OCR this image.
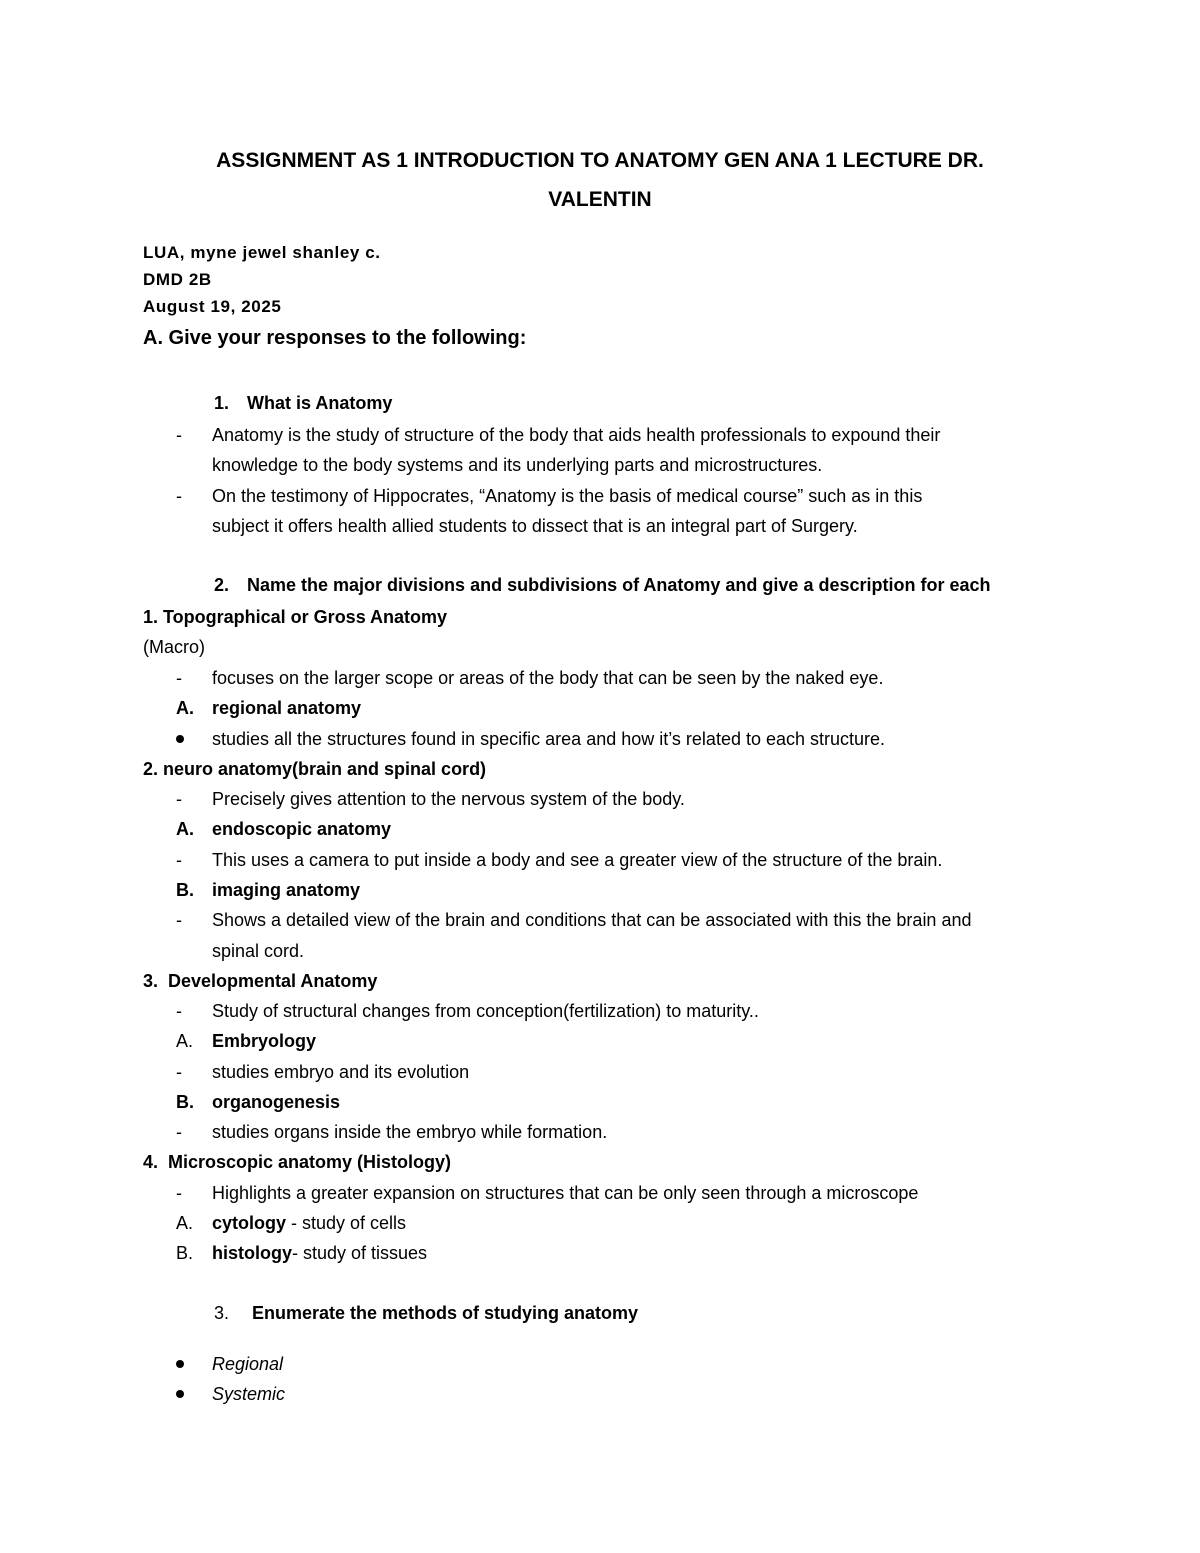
ASSIGNMENT AS 1 INTRODUCTION TO ANATOMY GEN ANA 1 LECTURE DR.
VALENTIN
LUA, myne jewel shanley c.
DMD 2B
August 19, 2025
A. Give your responses to the following:
1. What is Anatomy
- Anatomy is the study of structure of the body that aids health professionals to expound their
knowledge to the body systems and its underlying parts and microstructures.
- On the testimony of Hippocrates, “Anatomy is the basis of medical course” such as in this
subject it offers health allied students to dissect that is an integral part of Surgery.
2. Name the major divisions and subdivisions of Anatomy and give a description for each
1. Topographical or Gross Anatomy
(Macro)
- focuses on the larger scope or areas of the body that can be seen by the naked eye.
A. regional anatomy
studies all the structures found in specific area and how it’s related to each structure.
2. neuro anatomy(brain and spinal cord)
- Precisely gives attention to the nervous system of the body.
A. endoscopic anatomy
- This uses a camera to put inside a body and see a greater view of the structure of the brain.
B. imaging anatomy
- Shows a detailed view of the brain and conditions that can be associated with this the brain and
spinal cord.
3. Developmental Anatomy
- Study of structural changes from conception(fertilization) to maturity..
A. Embryology
- studies embryo and its evolution
B. organogenesis
- studies organs inside the embryo while formation.
4. Microscopic anatomy (Histology)
- Highlights a greater expansion on structures that can be only seen through a microscope
A. cytology - study of cells
B. histology- study of tissues
3. Enumerate the methods of studying anatomy
Regional
Systemic
